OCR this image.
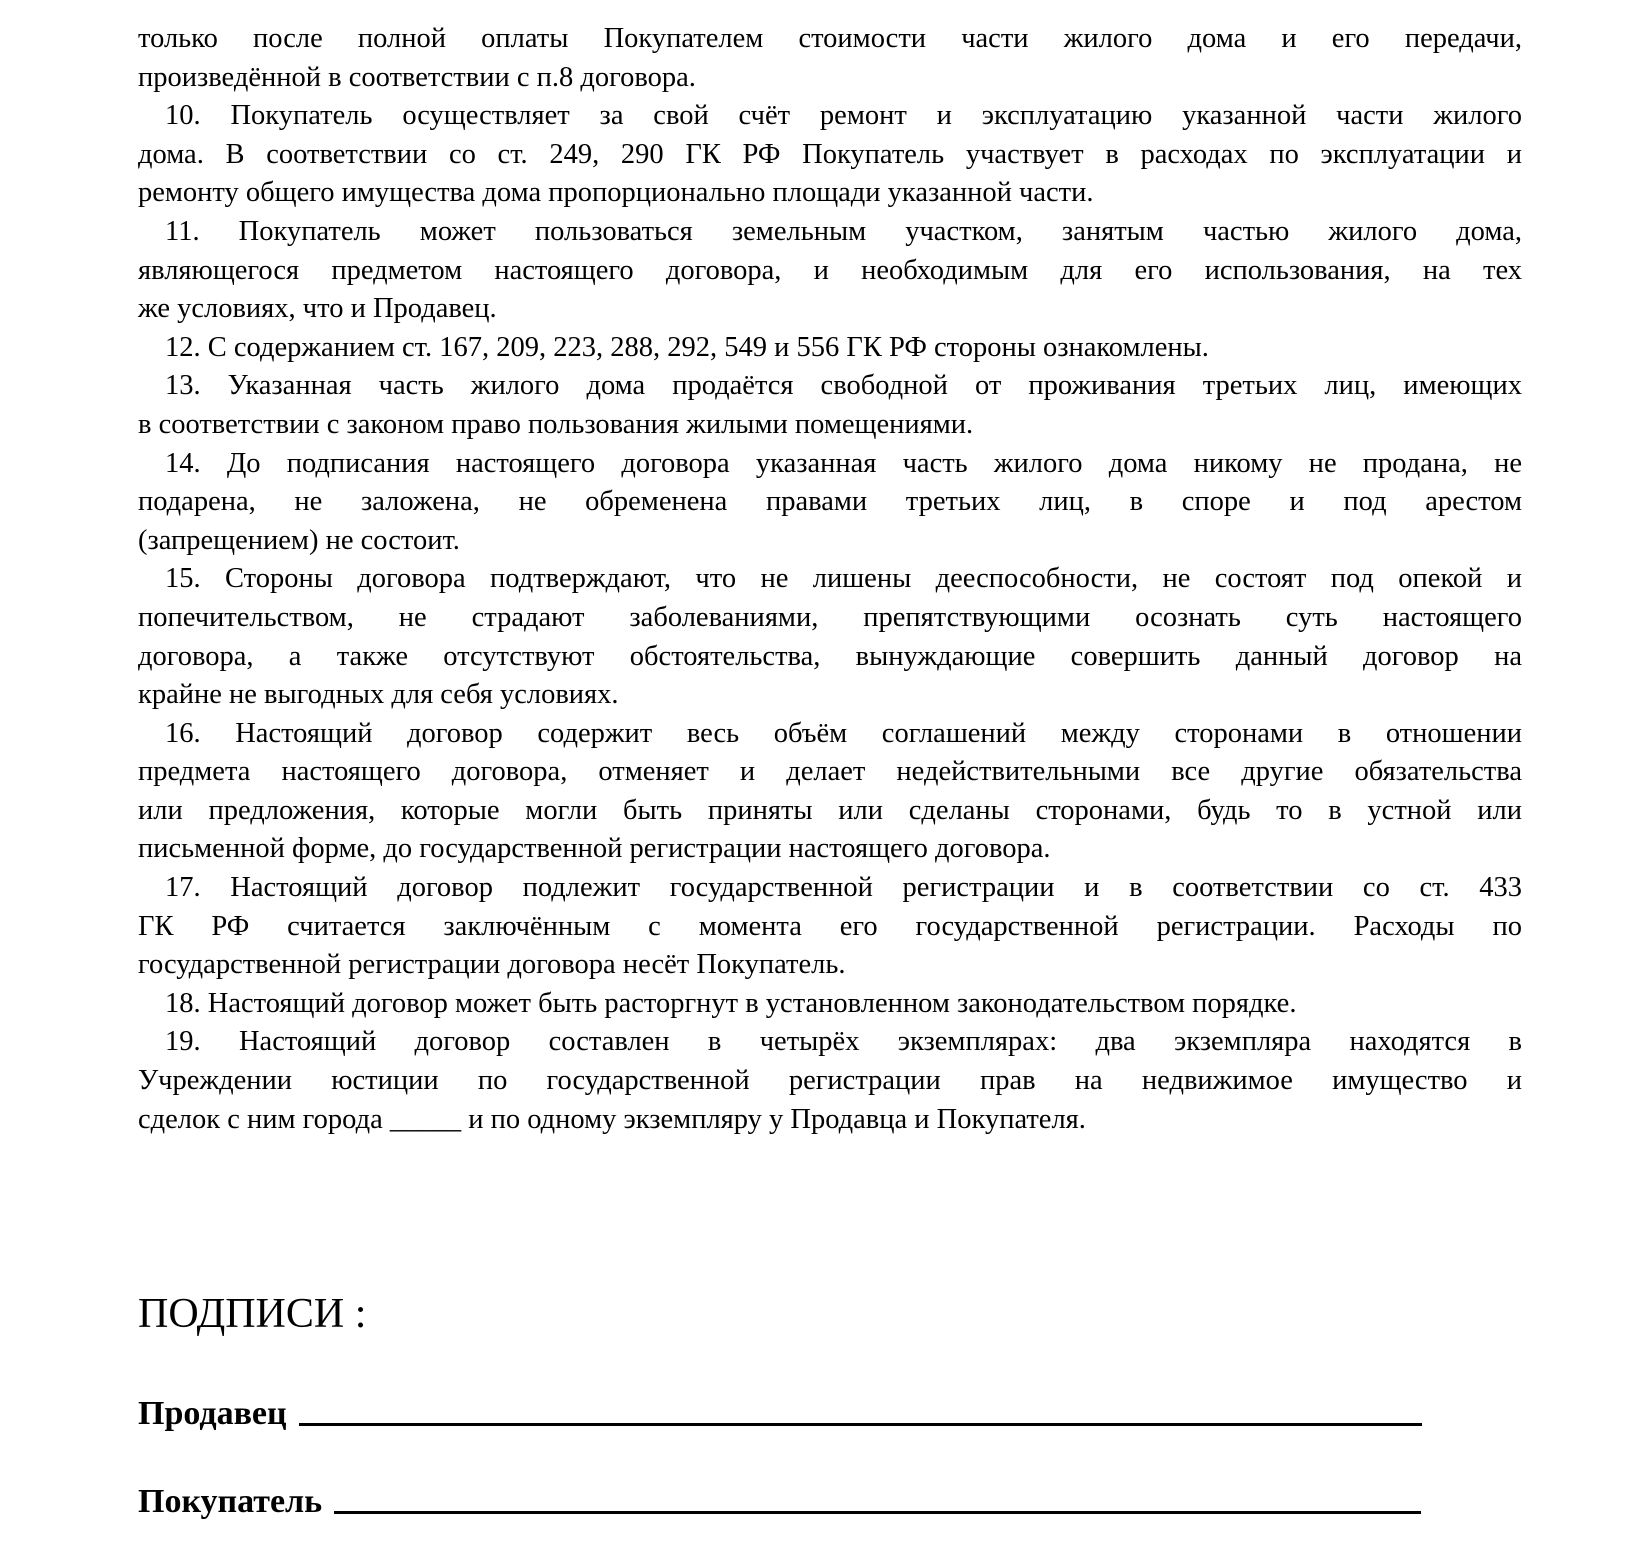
только после полной оплаты Покупателем стоимости части жилого дома и его передачи,
произведённой в соответствии с п.8 договора.
10. Покупатель осуществляет за свой счёт ремонт и эксплуатацию указанной части жилого
дома. В соответствии со ст. 249, 290 ГК РФ Покупатель участвует в расходах по эксплуатации и
ремонту общего имущества дома пропорционально площади указанной части.
11. Покупатель может пользоваться земельным участком, занятым частью жилого дома,
являющегося предметом настоящего договора, и необходимым для его использования, на тех
же условиях, что и Продавец.
12. С содержанием ст. 167, 209, 223, 288, 292, 549 и 556 ГК РФ стороны ознакомлены.
13. Указанная часть жилого дома продаётся свободной от проживания третьих лиц, имеющих
в соответствии с законом право пользования жилыми помещениями.
14. До подписания настоящего договора указанная часть жилого дома никому не продана, не
подарена, не заложена, не обременена правами третьих лиц, в споре и под арестом
(запрещением) не состоит.
15. Стороны договора подтверждают, что не лишены дееспособности, не состоят под опекой и
попечительством, не страдают заболеваниями, препятствующими осознать суть настоящего
договора, а также отсутствуют обстоятельства, вынуждающие совершить данный договор на
крайне не выгодных для себя условиях.
16. Настоящий договор содержит весь объём соглашений между сторонами в отношении
предмета настоящего договора, отменяет и делает недействительными все другие обязательства
или предложения, которые могли быть приняты или сделаны сторонами, будь то в устной или
письменной форме, до государственной регистрации настоящего договора.
17. Настоящий договор подлежит государственной регистрации и в соответствии со ст. 433
ГК РФ считается заключённым с момента его государственной регистрации. Расходы по
государственной регистрации договора несёт Покупатель.
18. Настоящий договор может быть расторгнут в установленном законодательством порядке.
19. Настоящий договор составлен в четырёх экземплярах: два экземпляра находятся в
Учреждении юстиции по государственной регистрации прав на недвижимое имущество и
сделок с ним города _____ и по одному экземпляру у Продавца и Покупателя.
ПОДПИСИ :
Продавец
Покупатель
